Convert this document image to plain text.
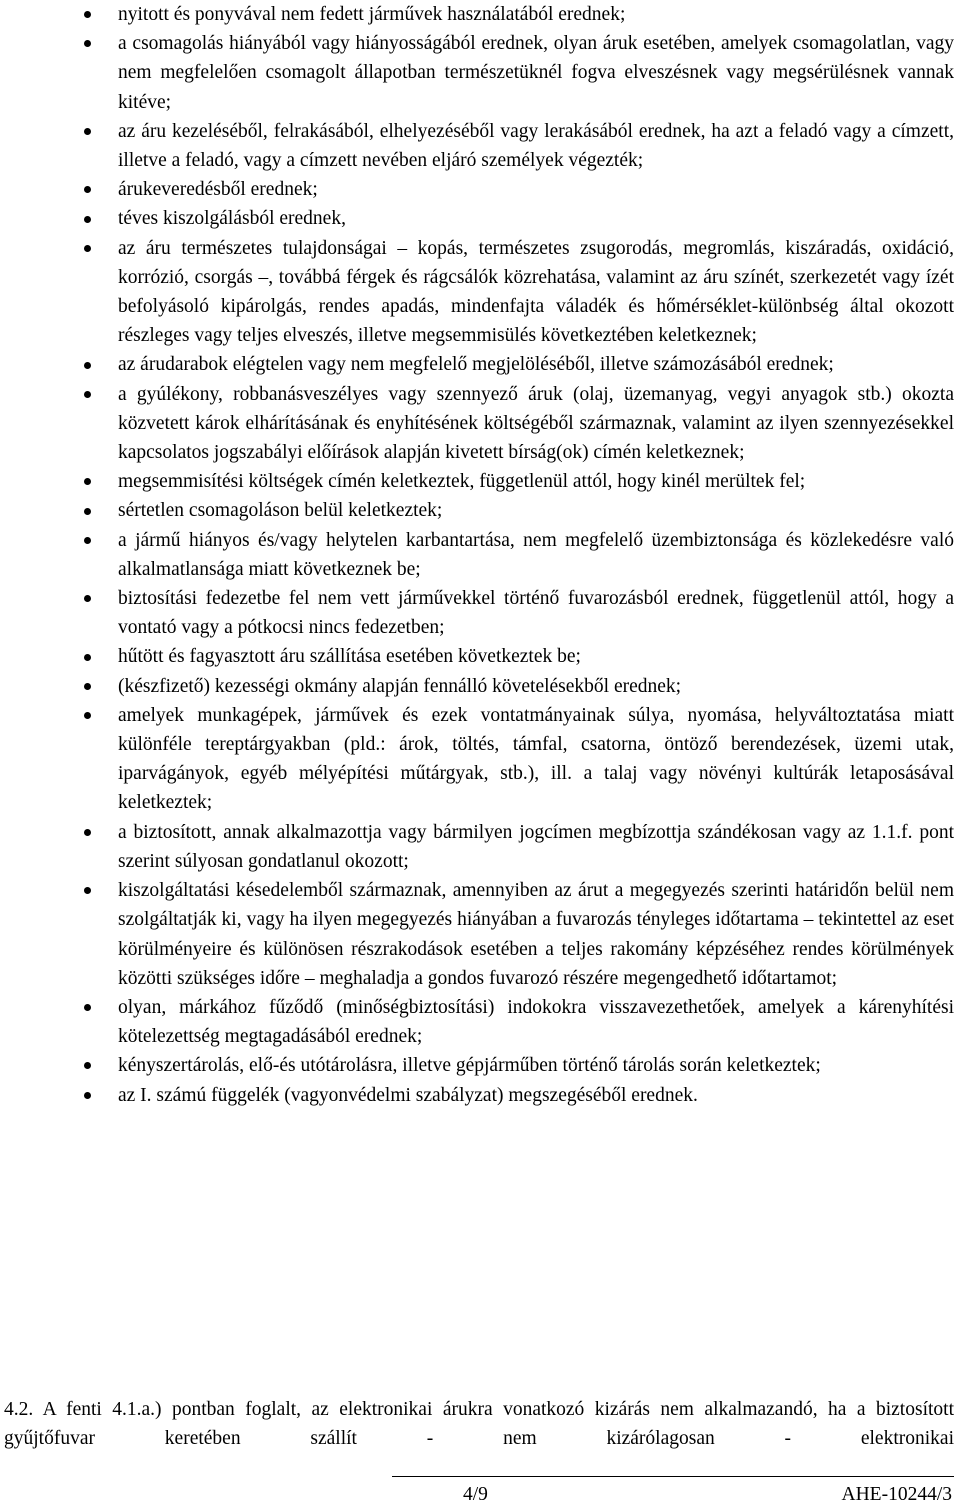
nyitott és ponyvával nem fedett járművek használatából erednek;
a csomagolás hiányából vagy hiányosságából erednek, olyan áruk esetében, amelyek csomagolatlan, vagy nem megfelelően csomagolt állapotban természetüknél fogva elveszésnek vagy megsérülésnek vannak kitéve;
az áru kezeléséből, felrakásából, elhelyezéséből vagy lerakásából erednek, ha azt a feladó vagy a címzett, illetve a feladó, vagy a címzett nevében eljáró személyek végezték;
árukeveredésből erednek;
téves kiszolgálásból erednek,
az áru természetes tulajdonságai – kopás, természetes zsugorodás, megromlás, kiszáradás, oxidáció, korrózió, csorgás –, továbbá férgek és rágcsálók közrehatása, valamint az áru színét, szerkezetét vagy ízét befolyásoló kipárolgás, rendes apadás, mindenfajta váladék és hőmérséklet-különbség által okozott részleges vagy teljes elveszés, illetve megsemmisülés következtében keletkeznek;
az árudarabok elégtelen vagy nem megfelelő megjelöléséből, illetve számozásából erednek;
a gyúlékony, robbanásveszélyes vagy szennyező áruk (olaj, üzemanyag, vegyi anyagok stb.) okozta közvetett károk elhárításának és enyhítésének költségéből származnak, valamint az ilyen szennyezésekkel kapcsolatos jogszabályi előírások alapján kivetett bírság(ok) címén keletkeznek;
megsemmisítési költségek címén keletkeztek, függetlenül attól, hogy kinél merültek fel;
sértetlen csomagoláson belül keletkeztek;
a jármű hiányos és/vagy helytelen karbantartása, nem megfelelő üzembiztonsága és közlekedésre való alkalmatlansága miatt következnek be;
biztosítási fedezetbe fel nem vett járművekkel történő fuvarozásból erednek, függetlenül attól, hogy a vontató vagy a pótkocsi nincs fedezetben;
hűtött és fagyasztott áru szállítása esetében következtek be;
(készfizető) kezességi okmány alapján fennálló követelésekből erednek;
amelyek munkagépek, járművek és ezek vontatmányainak súlya, nyomása, helyváltoztatása miatt különféle tereptárgyakban (pld.: árok, töltés, támfal, csatorna, öntöző berendezések, üzemi utak, iparvágányok, egyéb mélyépítési műtárgyak, stb.), ill. a talaj vagy növényi kultúrák letaposásával keletkeztek;
a biztosított, annak alkalmazottja vagy bármilyen jogcímen megbízottja szándékosan vagy az 1.1.f. pont szerint súlyosan gondatlanul okozott;
kiszolgáltatási késedelemből származnak, amennyiben az árut a megegyezés szerinti határidőn belül nem szolgáltatják ki, vagy ha ilyen megegyezés hiányában a fuvarozás tényleges időtartama – tekintettel az eset körülményeire és különösen részrakodások esetében a teljes rakomány képzéséhez rendes körülmények közötti szükséges időre – meghaladja a gondos fuvarozó részére megengedhető időtartamot;
olyan, márkához fűződő (minőségbiztosítási) indokokra visszavezethetőek, amelyek a kárenyhítési kötelezettség megtagadásából erednek;
kényszertárolás, elő-és utótárolásra, illetve gépjárműben történő tárolás során keletkeztek;
az I. számú függelék (vagyonvédelmi szabályzat) megszegéséből erednek.

4.2. A fenti 4.1.a.) pontban foglalt, az elektronikai árukra vonatkozó kizárás nem alkalmazandó, ha a biztosított gyűjtőfuvar keretében szállít - nem kizárólagosan - elektronikai

4/9	AHE-10244/3
